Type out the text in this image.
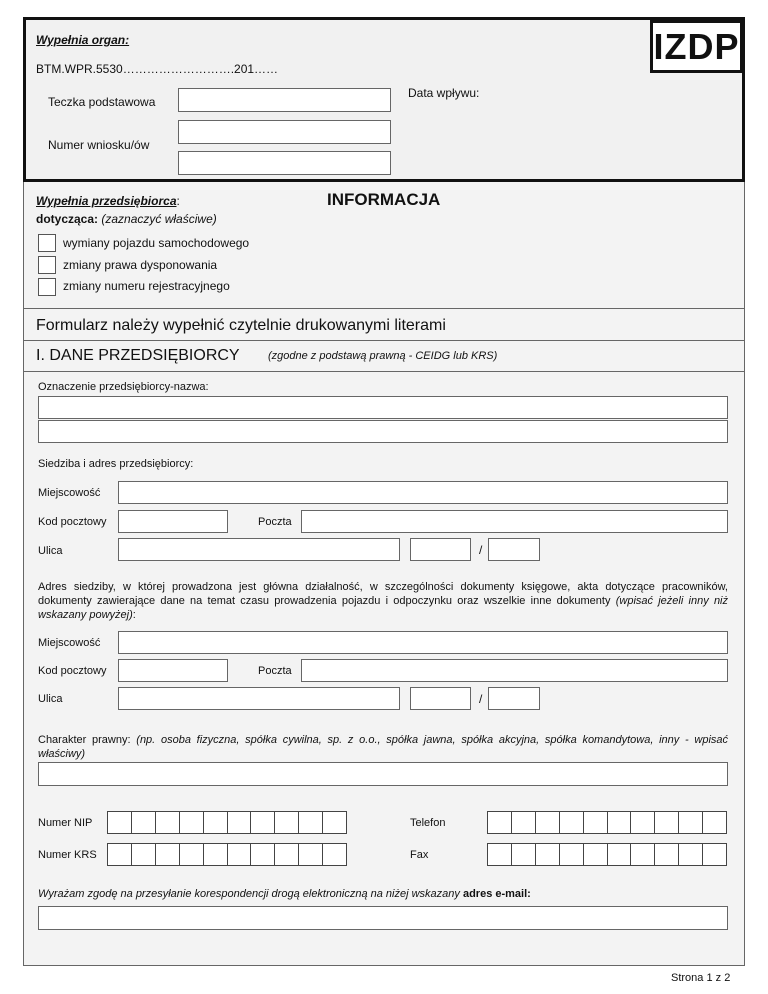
Wypełnia organ:
BTM.WPR.5530……………………….201……
IZDP
Teczka podstawowa
Data wpływu:
Numer wniosku/ów
Wypełnia przedsiębiorca:	INFORMACJA
dotycząca: (zaznaczyć właściwe)
wymiany pojazdu samochodowego
zmiany prawa dysponowania
zmiany numeru rejestracyjnego
Formularz należy wypełnić czytelnie drukowanymi literami
I. DANE PRZEDSIĘBIORCY	(zgodne z podstawą prawną - CEIDG lub KRS)
Oznaczenie przedsiębiorcy-nazwa:
Siedziba i adres przedsiębiorcy:
Miejscowość
Kod pocztowy	Poczta
Ulica	/
Adres siedziby, w której prowadzona jest główna działalność, w szczególności dokumenty księgowe, akta dotyczące pracowników, dokumenty zawierające dane na temat czasu prowadzenia pojazdu i odpoczynku oraz wszelkie inne dokumenty (wpisać jeżeli inny niż wskazany powyżej):
Miejscowość
Kod pocztowy	Poczta
Ulica	/
Charakter prawny: (np. osoba fizyczna, spółka cywilna, sp. z o.o., spółka jawna, spółka akcyjna, spółka komandytowa, inny - wpisać właściwy)
Numer NIP	Telefon
Numer KRS	Fax
Wyrażam zgodę na przesyłanie korespondencji drogą elektroniczną na niżej wskazany adres e-mail:
Strona 1 z 2
